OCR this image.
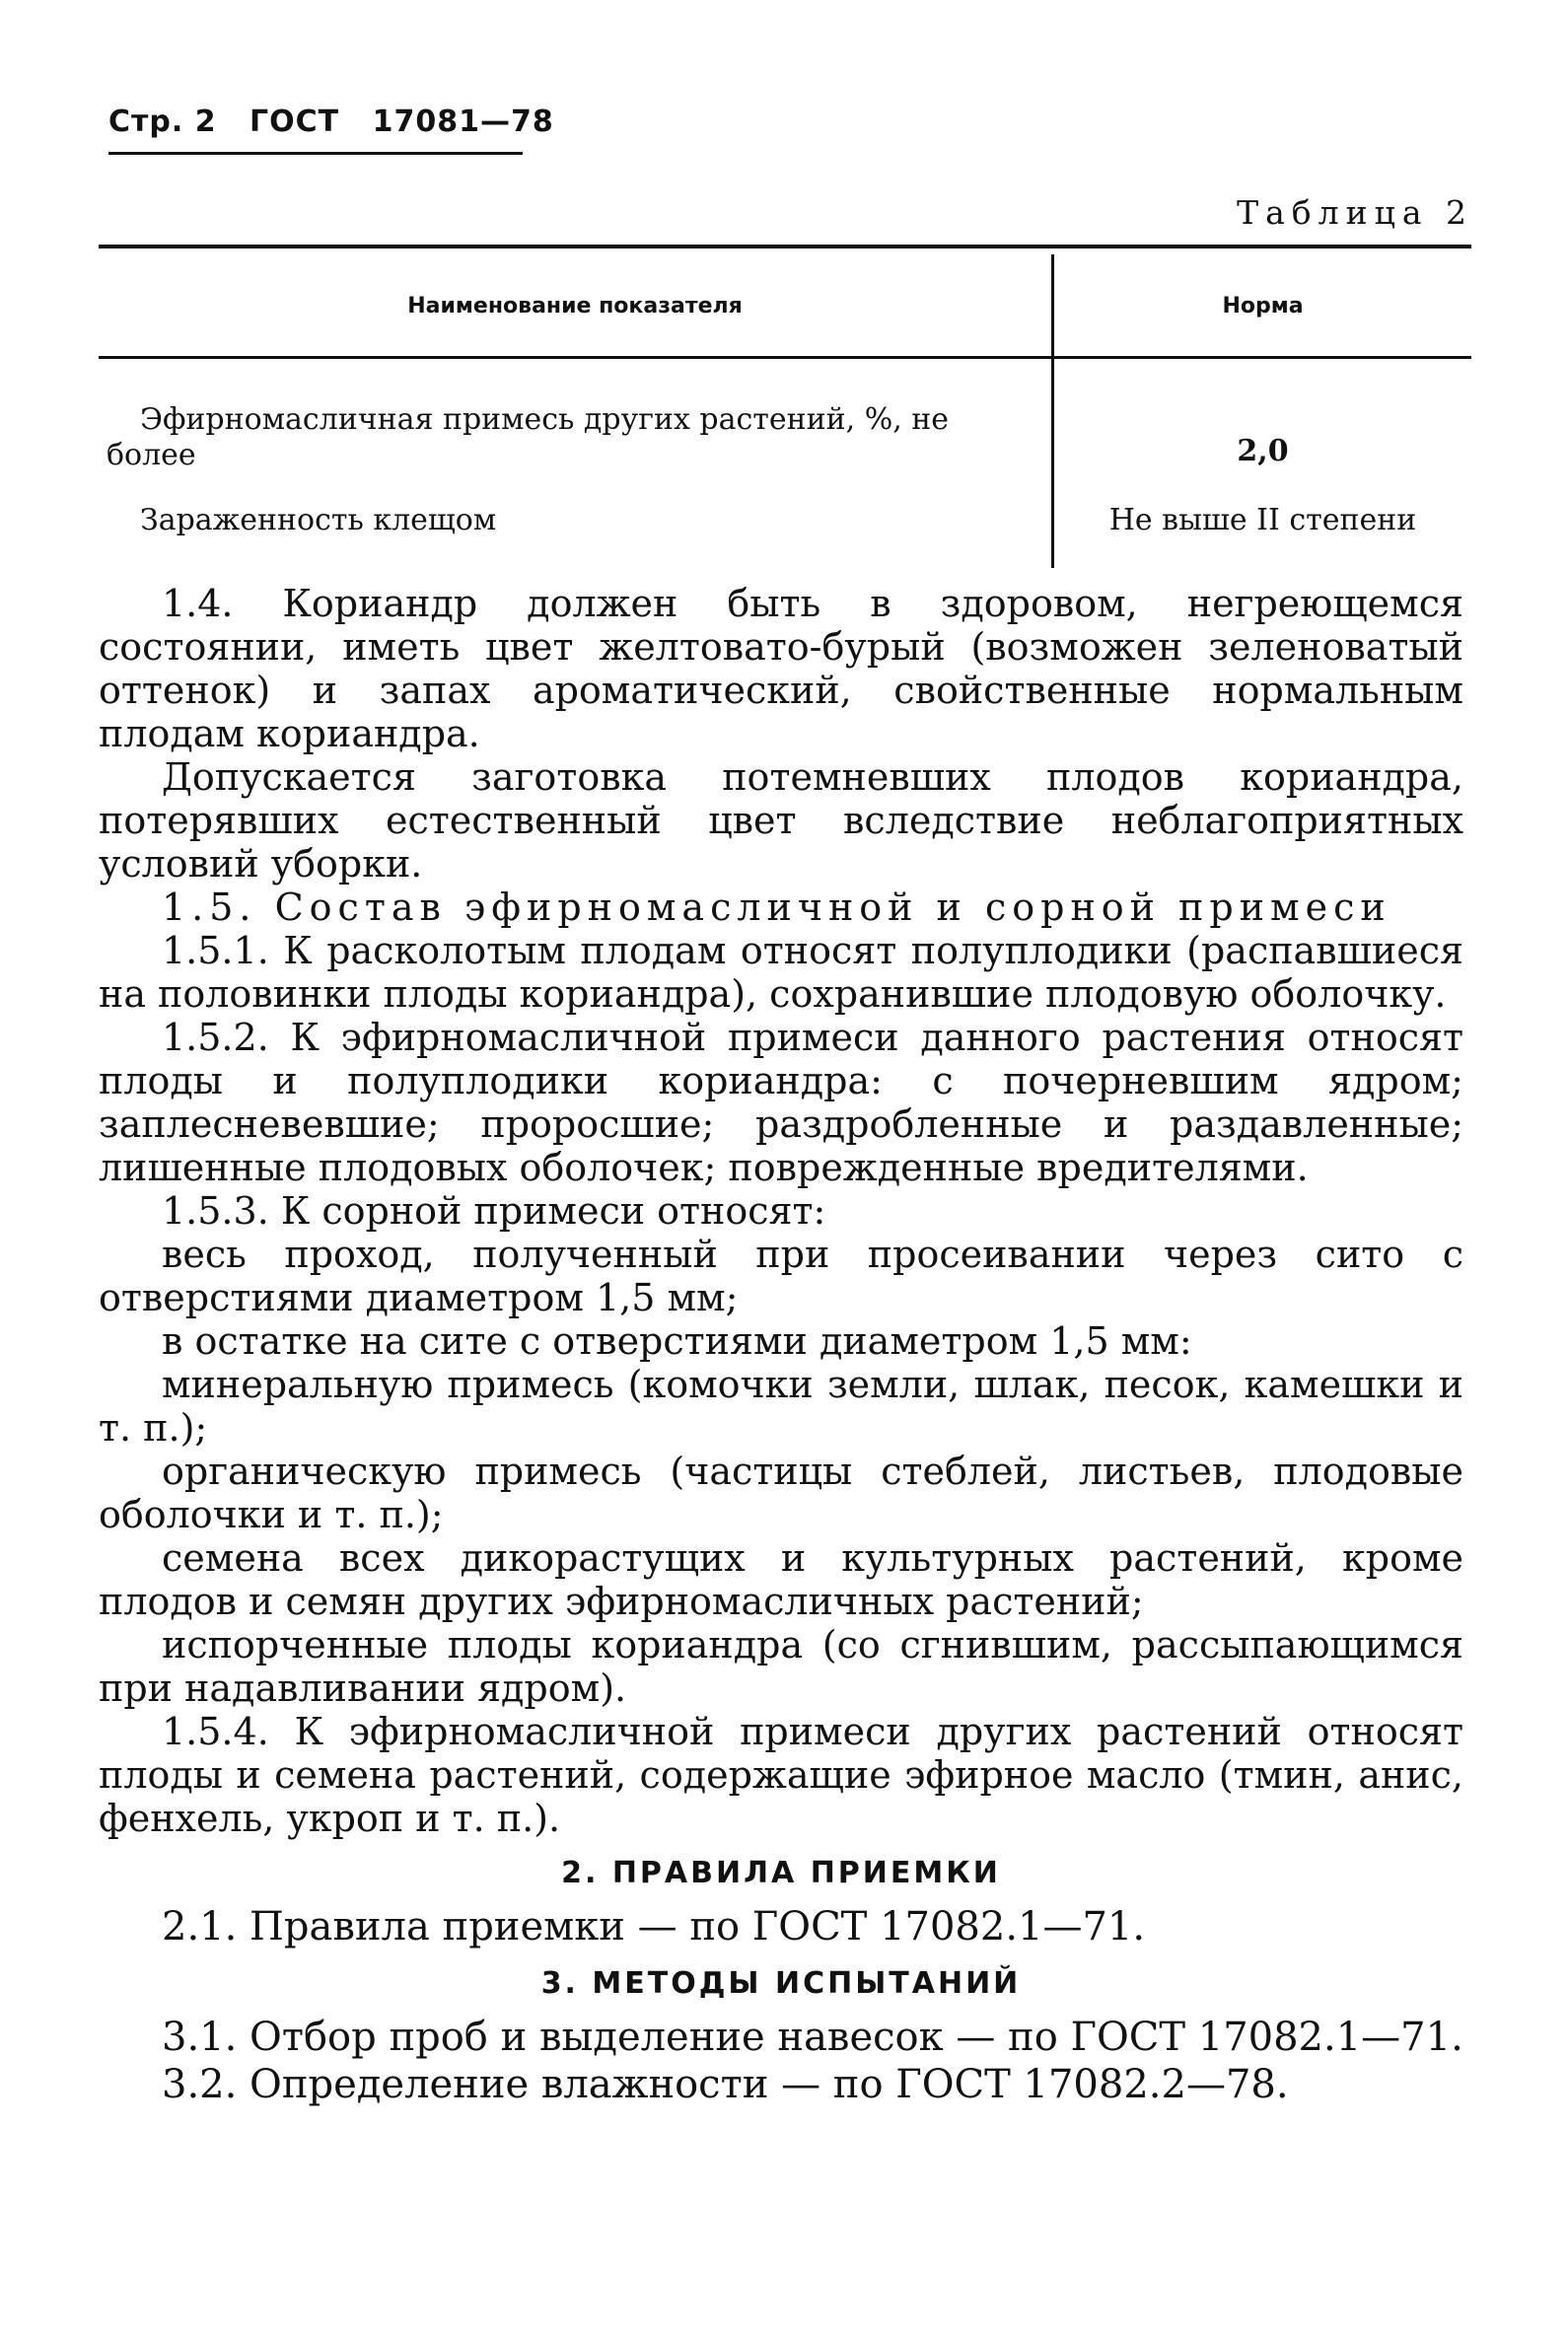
Стр. 2 ГОСТ 17081—78
Таблица 2
Наименование показателя	Норма
Эфирномасличная примесь других растений, %, не более	2,0
Зараженность клещом	Не выше II степени

1.4. Кориандр должен быть в здоровом, негреющемся состоянии, иметь цвет желтовато-бурый (возможен зеленоватый оттенок) и запах ароматический, свойственные нормальным плодам кориандра.

Допускается заготовка потемневших плодов кориандра, потерявших естественный цвет вследствие неблагоприятных условий уборки.

1.5. Состав эфирномасличной и сорной примеси

1.5.1. К расколотым плодам относят полуплодики (распавшиеся на половинки плоды кориандра), сохранившие плодовую оболочку.

1.5.2. К эфирномасличной примеси данного растения относят плоды и полуплодики кориандра: с почерневшим ядром; заплесневевшие; проросшие; раздробленные и раздавленные; лишенные плодовых оболочек; поврежденные вредителями.

1.5.3. К сорной примеси относят:

весь проход, полученный при просеивании через сито с отверстиями диаметром 1,5 мм;

в остатке на сите с отверстиями диаметром 1,5 мм:

минеральную примесь (комочки земли, шлак, песок, камешки и т. п.);

органическую примесь (частицы стеблей, листьев, плодовые оболочки и т. п.);

семена всех дикорастущих и культурных растений, кроме плодов и семян других эфирномасличных растений;

испорченные плоды кориандра (со сгнившим, рассыпающимся при надавливании ядром).

1.5.4. К эфирномасличной примеси других растений относят плоды и семена растений, содержащие эфирное масло (тмин, анис, фенхель, укроп и т. п.).

2. ПРАВИЛА ПРИЕМКИ

2.1. Правила приемки — по ГОСТ 17082.1—71.

3. МЕТОДЫ ИСПЫТАНИЙ

3.1. Отбор проб и выделение навесок — по ГОСТ 17082.1—71.

3.2. Определение влажности — по ГОСТ 17082.2—78.
